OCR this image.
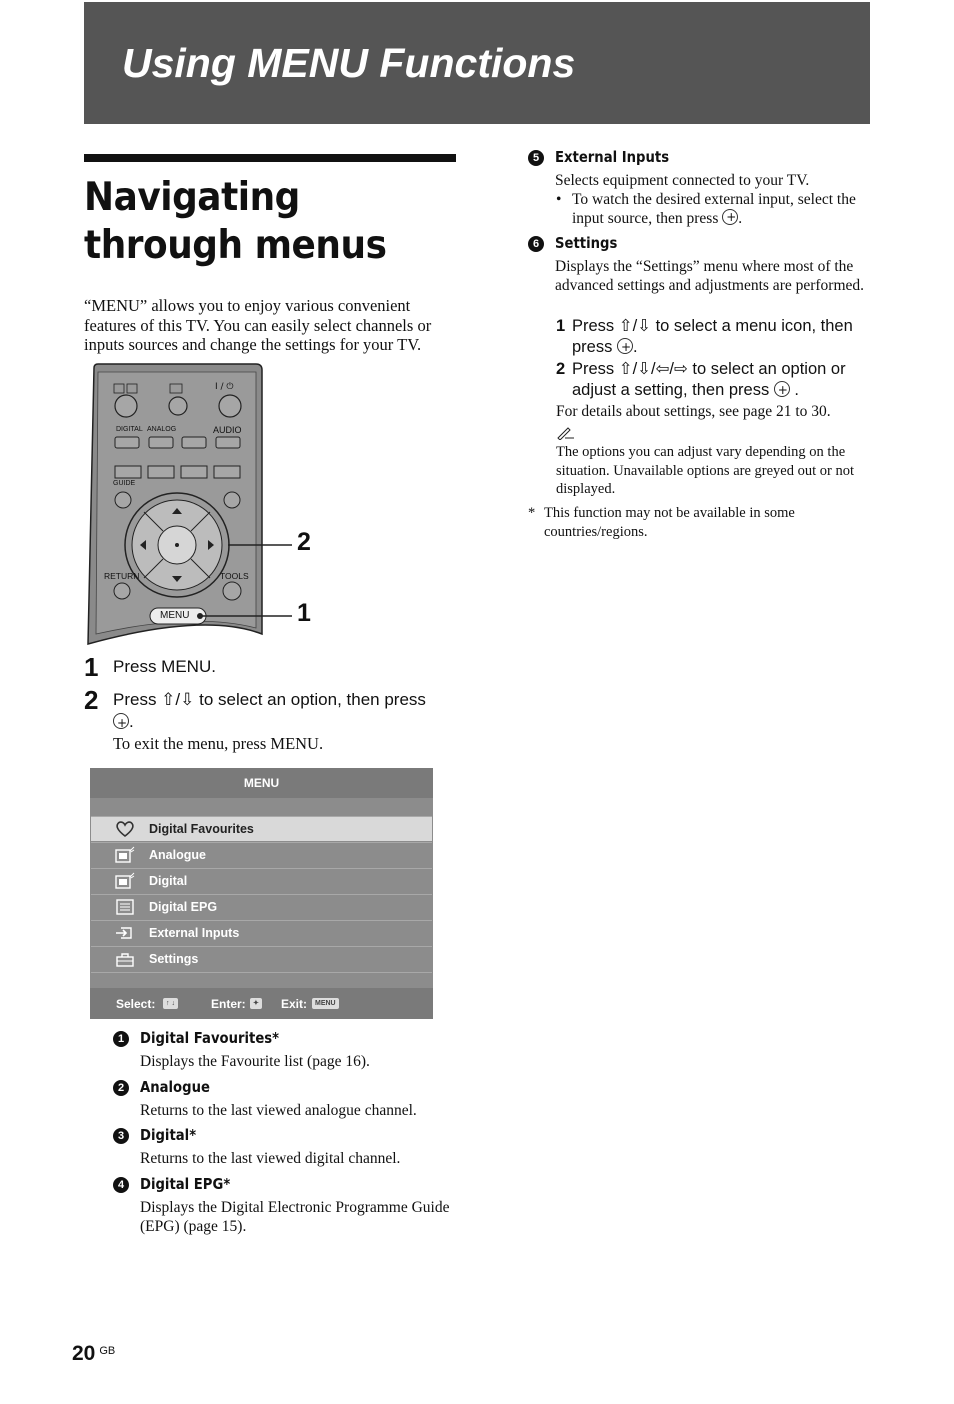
Using MENU Functions
Navigating through menus
“MENU” allows you to enjoy various convenient features of this TV. You can easily select channels or inputs sources and change the settings for your TV.
DIGITAL ANALOG	AUDIO
I / ⏻
GUIDE
RETURN	TOOLS
MENU
2
1
1 Press MENU.
2 Press ⇧/⇩ to select an option, then press
+.
To exit the menu, press MENU.
MENU
Digital Favourites
Analogue
Digital
Digital EPG
External Inputs
Settings
Select:	↑ ↓	Enter:	✦ Exit:	MENU
1	Digital Favourites*
Displays the Favourite list (page 16).
2	Analogue
Returns to the last viewed analogue channel.
3	Digital*
Returns to the last viewed digital channel.
4	Digital EPG*
Displays the Digital Electronic Programme Guide (EPG) (page 15).
5	External Inputs
Selects equipment connected to your TV.
• To watch the desired external input, select the input source, then press + .
6	Settings
Displays the “Settings” menu where most of the advanced settings and adjustments are performed.
1 Press ⇧/⇩ to select a menu icon, then press + .
2 Press ⇧/⇩/⇦/⇨ to select an option or adjust a setting, then press + .
For details about settings, see page 21 to 30.
The options you can adjust vary depending on the situation. Unavailable options are greyed out or not displayed.
* This function may not be available in some countries/regions.
20 $^{GB}$
